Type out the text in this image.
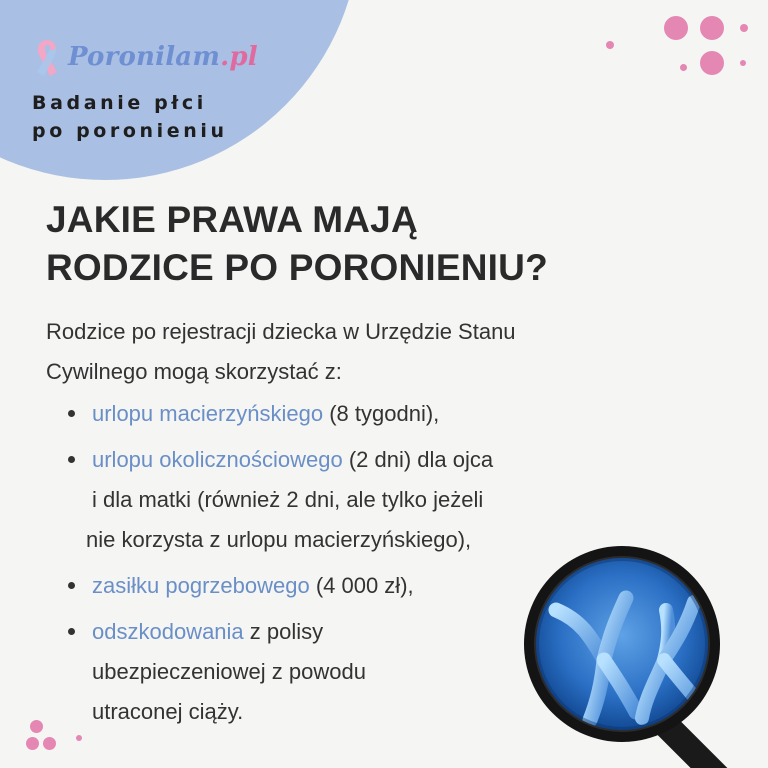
Poronilam.pl
Badanie płci
po poronieniu
JAKIE PRAWA MAJĄ
RODZICE PO PORONIENIU?
Rodzice po rejestracji dziecka w Urzędzie Stanu
Cywilnego mogą skorzystać z:
urlopu macierzyńskiego (8 tygodni),
urlopu okolicznościowego (2 dni) dla ojca
i dla matki (również 2 dni, ale tylko jeżeli
nie korzysta z urlopu macierzyńskiego),
zasiłku pogrzebowego (4 000 zł),
odszkodowania z polisy
ubezpieczeniowej z powodu
utraconej ciąży.
